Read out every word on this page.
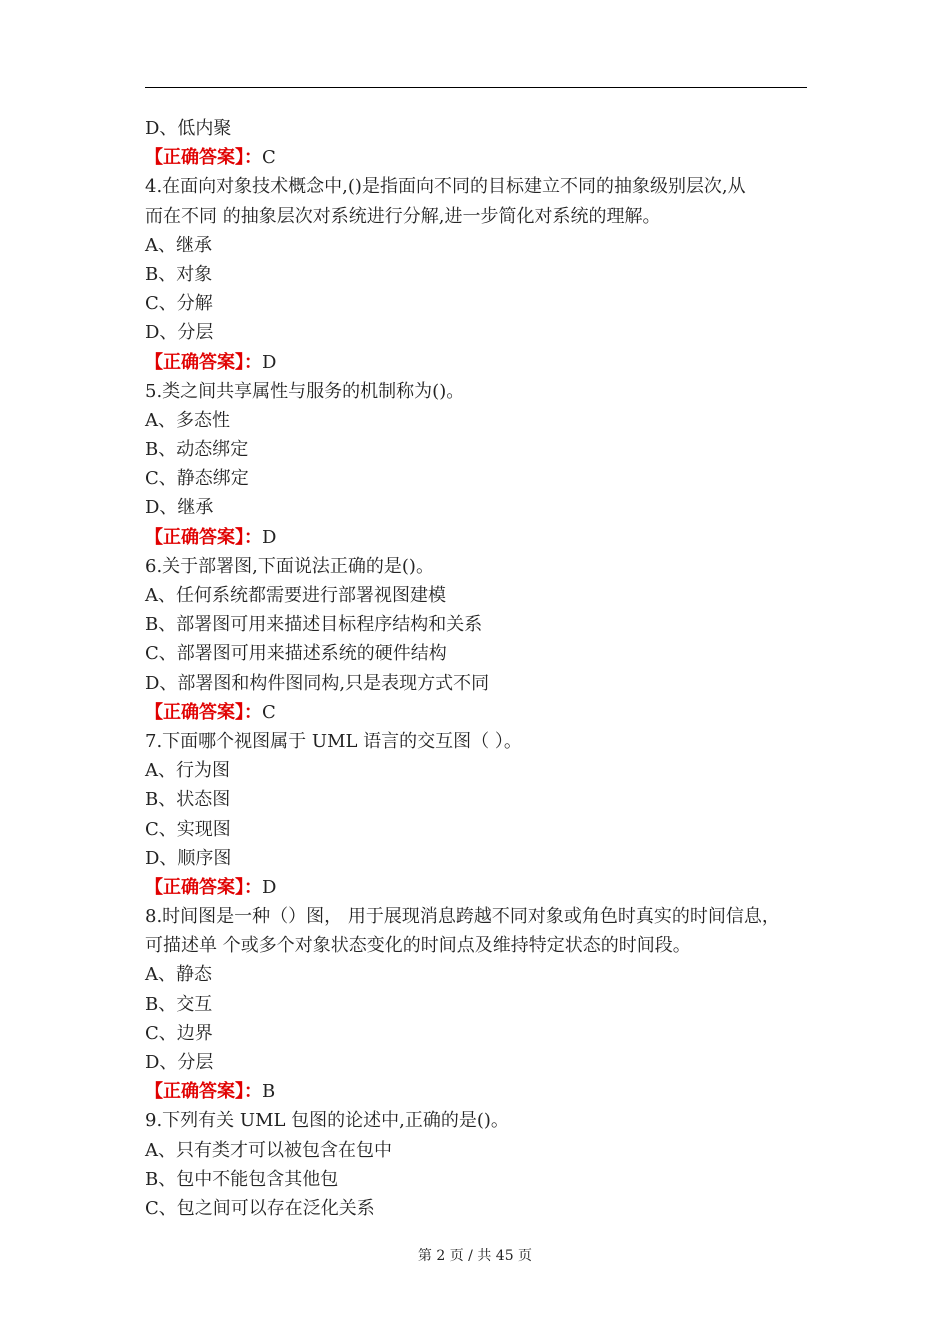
D、低内聚
【正确答案】：C
4.在面向对象技术概念中,()是指面向不同的目标建立不同的抽象级别层次,从
而在不同 的抽象层次对系统进行分解,进一步简化对系统的理解。
A、继承
B、对象
C、分解
D、分层
【正确答案】：D
5.类之间共享属性与服务的机制称为()。
A、多态性
B、动态绑定
C、静态绑定
D、继承
【正确答案】：D
6.关于部署图,下面说法正确的是()。
A、任何系统都需要进行部署视图建模
B、部署图可用来描述目标程序结构和关系
C、部署图可用来描述系统的硬件结构
D、部署图和构件图同构,只是表现方式不同
【正确答案】：C
7.下面哪个视图属于 UML 语言的交互图（ ）。
A、行为图
B、状态图
C、实现图
D、顺序图
【正确答案】：D
8.时间图是一种（）图， 用于展现消息跨越不同对象或角色时真实的时间信息，
可描述单 个或多个对象状态变化的时间点及维持特定状态的时间段。
A、静态
B、交互
C、边界
D、分层
【正确答案】：B
9.下列有关 UML 包图的论述中,正确的是()。
A、只有类才可以被包含在包中
B、包中不能包含其他包
C、包之间可以存在泛化关系
第 2 页 / 共 45 页
